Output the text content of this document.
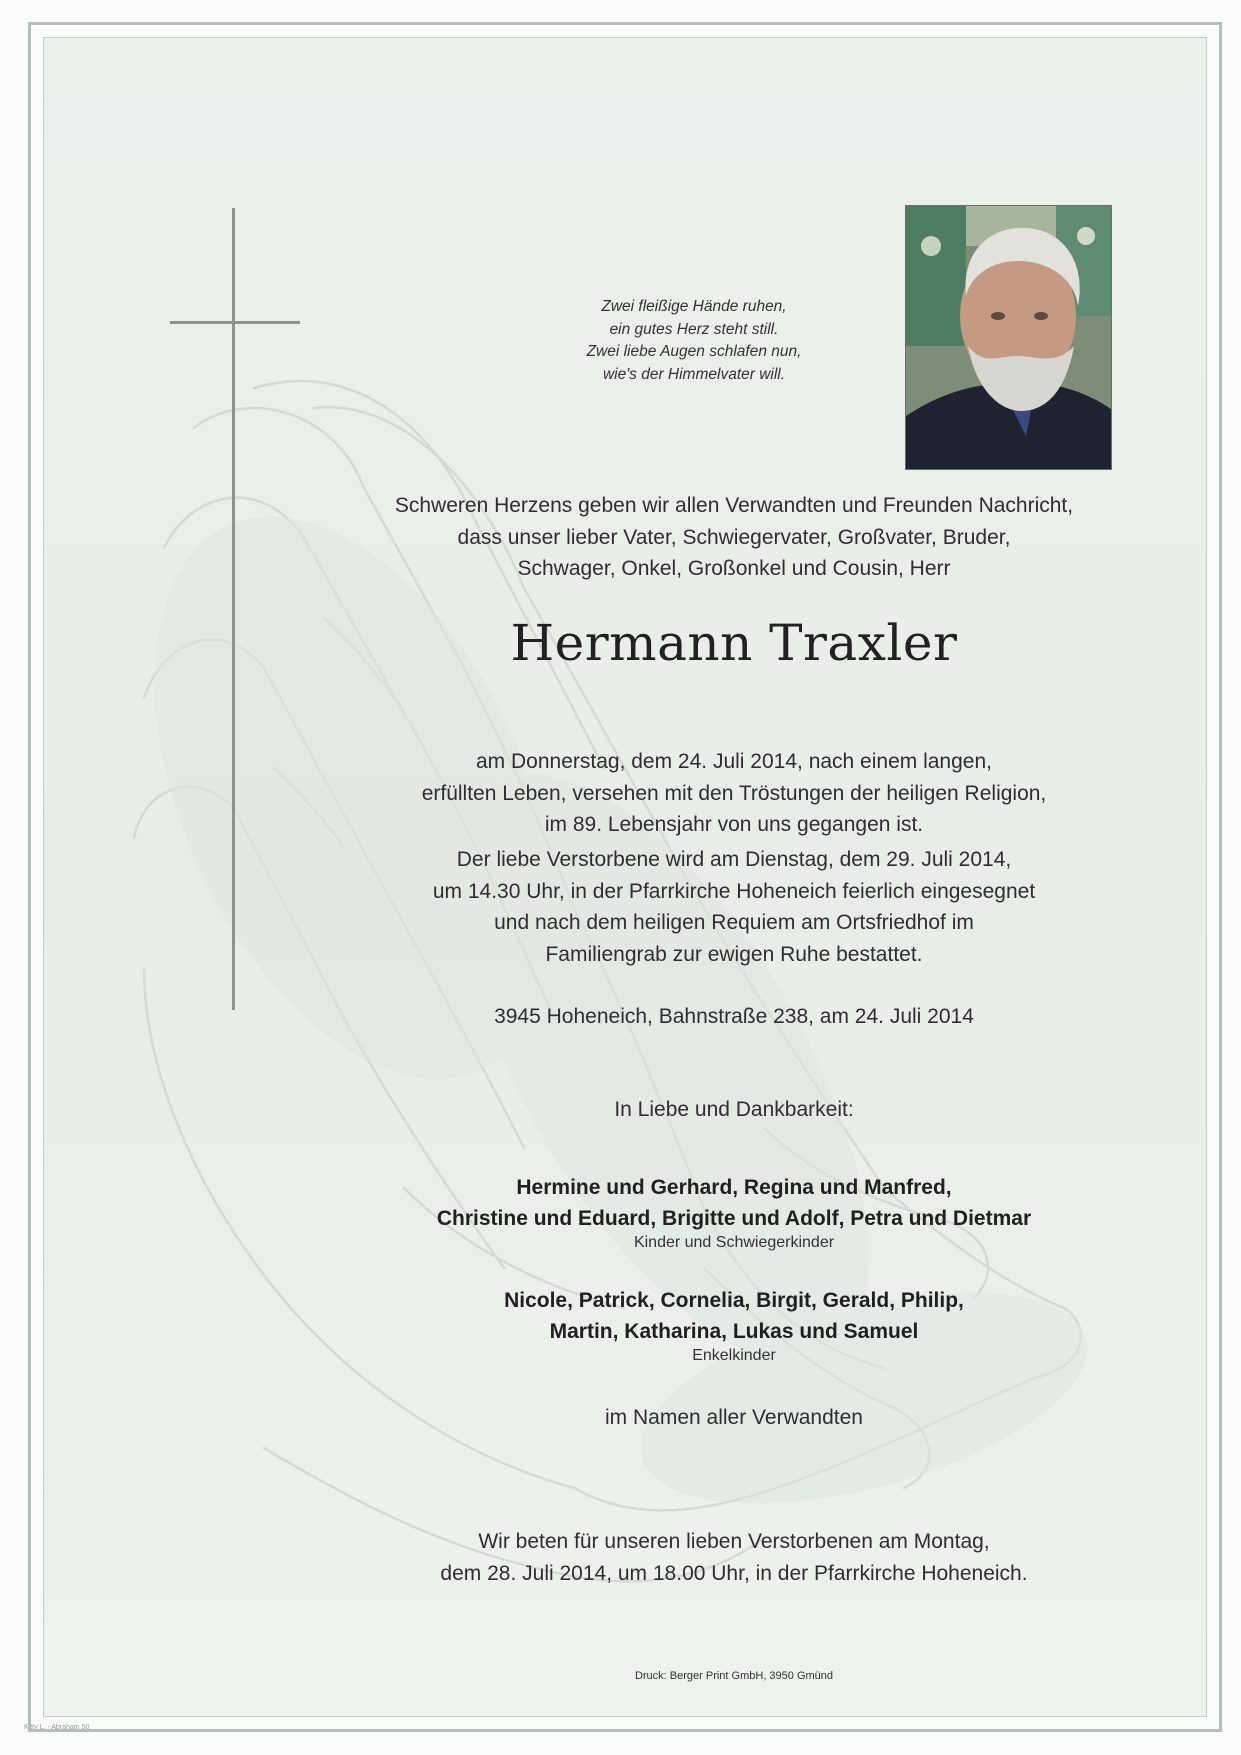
Kitty L. - Abraham 50
Zwei fleißige Hände ruhen,
ein gutes Herz steht still.
Zwei liebe Augen schlafen nun,
wie's der Himmelvater will.
Schweren Herzens geben wir allen Verwandten und Freunden Nachricht,
dass unser lieber Vater, Schwiegervater, Großvater, Bruder,
Schwager, Onkel, Großonkel und Cousin, Herr
Hermann Traxler
am Donnerstag, dem 24. Juli 2014, nach einem langen,
erfüllten Leben, versehen mit den Tröstungen der heiligen Religion,
im 89. Lebensjahr von uns gegangen ist.
Der liebe Verstorbene wird am Dienstag, dem 29. Juli 2014,
um 14.30 Uhr, in der Pfarrkirche Hoheneich feierlich eingesegnet
und nach dem heiligen Requiem am Ortsfriedhof im
Familiengrab zur ewigen Ruhe bestattet.
3945 Hoheneich, Bahnstraße 238, am 24. Juli 2014
In Liebe und Dankbarkeit:
Hermine und Gerhard, Regina und Manfred,
Christine und Eduard, Brigitte und Adolf, Petra und Dietmar
Kinder und Schwiegerkinder
Nicole, Patrick, Cornelia, Birgit, Gerald, Philip,
Martin, Katharina, Lukas und Samuel
Enkelkinder
im Namen aller Verwandten
Wir beten für unseren lieben Verstorbenen am Montag,
dem 28. Juli 2014, um 18.00 Uhr, in der Pfarrkirche Hoheneich.
Druck: Berger Print GmbH, 3950 Gmünd
